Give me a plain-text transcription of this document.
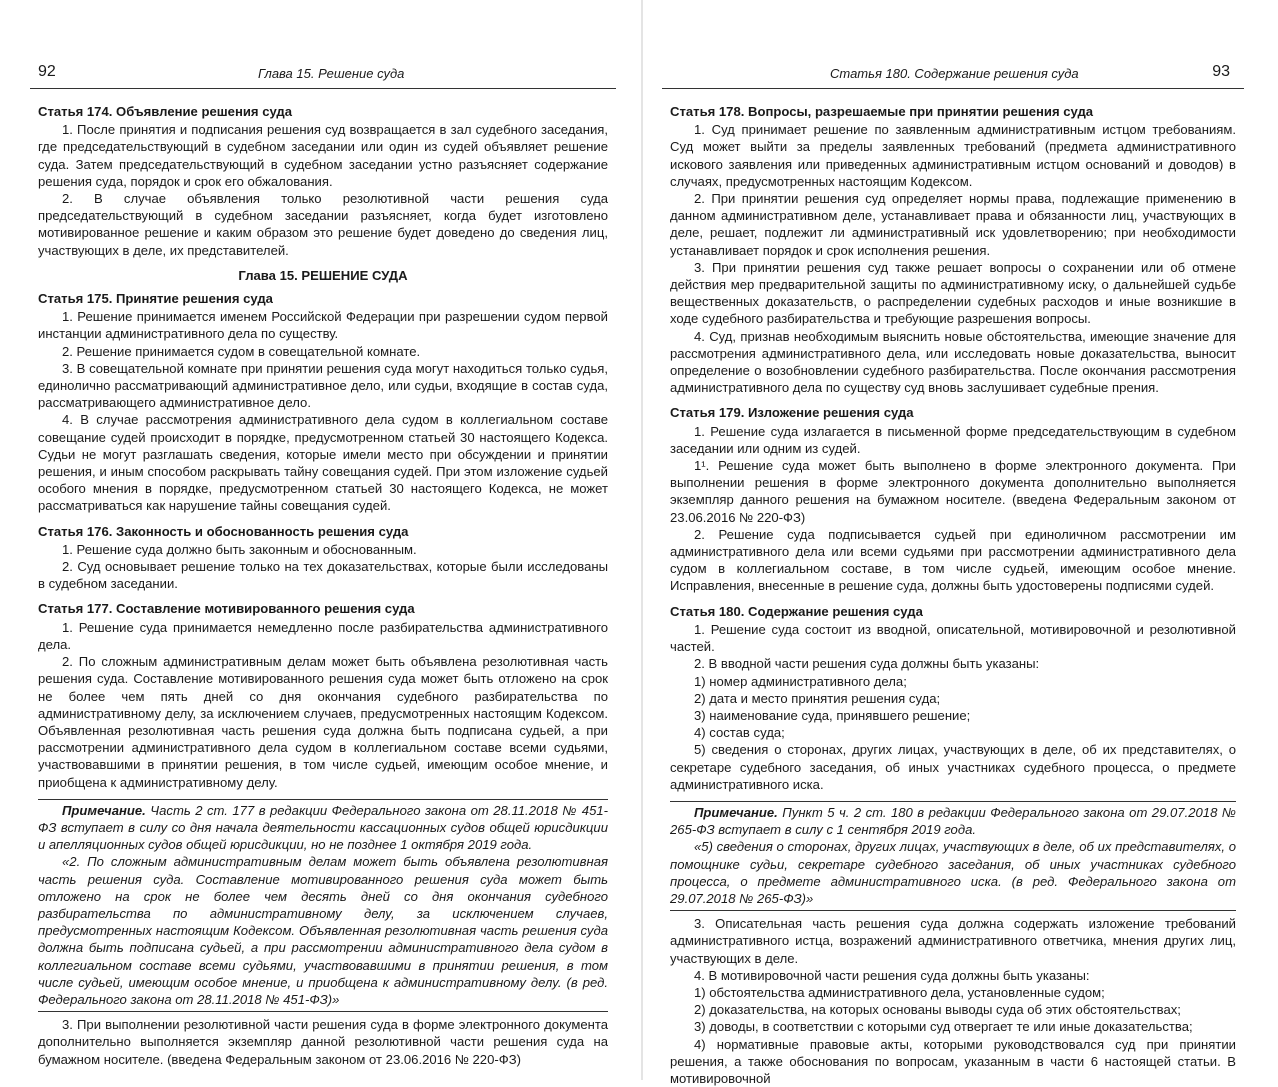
92	Глава 15. Решение суда
Статья 174. Объявление решения суда
1. После принятия и подписания решения суд возвращается в зал судебного заседания, где председательствующий в судебном заседании или один из судей объявляет решение суда. Затем председательствующий в судебном заседании устно разъясняет содержание решения суда, порядок и срок его обжалования.
2. В случае объявления только резолютивной части решения суда председательствующий в судебном заседании разъясняет, когда будет изготовлено мотивированное решение и каким образом это решение будет доведено до сведения лиц, участвующих в деле, их представителей.
Глава 15. РЕШЕНИЕ СУДА
Статья 175. Принятие решения суда
1. Решение принимается именем Российской Федерации при разрешении судом первой инстанции административного дела по существу.
2. Решение принимается судом в совещательной комнате.
3. В совещательной комнате при принятии решения суда могут находиться только судья, единолично рассматривающий административное дело, или судьи, входящие в состав суда, рассматривающего административное дело.
4. В случае рассмотрения административного дела судом в коллегиальном составе совещание судей происходит в порядке, предусмотренном статьей 30 настоящего Кодекса. Судьи не могут разглашать сведения, которые имели место при обсуждении и принятии решения, и иным способом раскрывать тайну совещания судей. При этом изложение судьей особого мнения в порядке, предусмотренном статьей 30 настоящего Кодекса, не может рассматриваться как нарушение тайны совещания судей.
Статья 176. Законность и обоснованность решения суда
1. Решение суда должно быть законным и обоснованным.
2. Суд основывает решение только на тех доказательствах, которые были исследованы в судебном заседании.
Статья 177. Составление мотивированного решения суда
1. Решение суда принимается немедленно после разбирательства административного дела.
2. По сложным административным делам может быть объявлена резолютивная часть решения суда. Составление мотивированного решения суда может быть отложено на срок не более чем пять дней со дня окончания судебного разбирательства по административному делу, за исключением случаев, предусмотренных настоящим Кодексом. Объявленная резолютивная часть решения суда должна быть подписана судьей, а при рассмотрении административного дела судом в коллегиальном составе всеми судьями, участвовавшими в принятии решения, в том числе судьей, имеющим особое мнение, и приобщена к административному делу.
Примечание. Часть 2 ст. 177 в редакции Федерального закона от 28.11.2018 № 451-ФЗ вступает в силу со дня начала деятельности кассационных судов общей юрисдикции и апелляционных судов общей юрисдикции, но не позднее 1 октября 2019 года.
«2. По сложным административным делам может быть объявлена резолютивная часть решения суда. Составление мотивированного решения суда может быть отложено на срок не более чем десять дней со дня окончания судебного разбирательства по административному делу, за исключением случаев, предусмотренных настоящим Кодексом. Объявленная резолютивная часть решения суда должна быть подписана судьей, а при рассмотрении административного дела судом в коллегиальном составе всеми судьями, участвовавшими в принятии решения, в том числе судьей, имеющим особое мнение, и приобщена к административному делу. (в ред. Федерального закона от 28.11.2018 № 451-ФЗ)»
3. При выполнении резолютивной части решения суда в форме электронного документа дополнительно выполняется экземпляр данной резолютивной части решения суда на бумажном носителе. (введена Федеральным законом от 23.06.2016 № 220-ФЗ)
Статья 180. Содержание решения суда	93
Статья 178. Вопросы, разрешаемые при принятии решения суда
1. Суд принимает решение по заявленным административным истцом требованиям. Суд может выйти за пределы заявленных требований (предмета административного искового заявления или приведенных административным истцом оснований и доводов) в случаях, предусмотренных настоящим Кодексом.
2. При принятии решения суд определяет нормы права, подлежащие применению в данном административном деле, устанавливает права и обязанности лиц, участвующих в деле, решает, подлежит ли административный иск удовлетворению; при необходимости устанавливает порядок и срок исполнения решения.
3. При принятии решения суд также решает вопросы о сохранении или об отмене действия мер предварительной защиты по административному иску, о дальнейшей судьбе вещественных доказательств, о распределении судебных расходов и иные возникшие в ходе судебного разбирательства и требующие разрешения вопросы.
4. Суд, признав необходимым выяснить новые обстоятельства, имеющие значение для рассмотрения административного дела, или исследовать новые доказательства, выносит определение о возобновлении судебного разбирательства. После окончания рассмотрения административного дела по существу суд вновь заслушивает судебные прения.
Статья 179. Изложение решения суда
1. Решение суда излагается в письменной форме председательствующим в судебном заседании или одним из судей.
1¹. Решение суда может быть выполнено в форме электронного документа. При выполнении решения в форме электронного документа дополнительно выполняется экземпляр данного решения на бумажном носителе. (введена Федеральным законом от 23.06.2016 № 220-ФЗ)
2. Решение суда подписывается судьей при единоличном рассмотрении им административного дела или всеми судьями при рассмотрении административного дела судом в коллегиальном составе, в том числе судьей, имеющим особое мнение. Исправления, внесенные в решение суда, должны быть удостоверены подписями судей.
Статья 180. Содержание решения суда
1. Решение суда состоит из вводной, описательной, мотивировочной и резолютивной частей.
2. В вводной части решения суда должны быть указаны:
1) номер административного дела;
2) дата и место принятия решения суда;
3) наименование суда, принявшего решение;
4) состав суда;
5) сведения о сторонах, других лицах, участвующих в деле, об их представителях, о секретаре судебного заседания, об иных участниках судебного процесса, о предмете административного иска.
Примечание. Пункт 5 ч. 2 ст. 180 в редакции Федерального закона от 29.07.2018 № 265-ФЗ вступает в силу с 1 сентября 2019 года.
«5) сведения о сторонах, других лицах, участвующих в деле, об их представителях, о помощнике судьи, секретаре судебного заседания, об иных участниках судебного процесса, о предмете административного иска. (в ред. Федерального закона от 29.07.2018 № 265-ФЗ)»
3. Описательная часть решения суда должна содержать изложение требований административного истца, возражений административного ответчика, мнения других лиц, участвующих в деле.
4. В мотивировочной части решения суда должны быть указаны:
1) обстоятельства административного дела, установленные судом;
2) доказательства, на которых основаны выводы суда об этих обстоятельствах;
3) доводы, в соответствии с которыми суд отвергает те или иные доказательства;
4) нормативные правовые акты, которыми руководствовался суд при принятии решения, а также обоснования по вопросам, указанным в части 6 настоящей статьи. В мотивировочной
